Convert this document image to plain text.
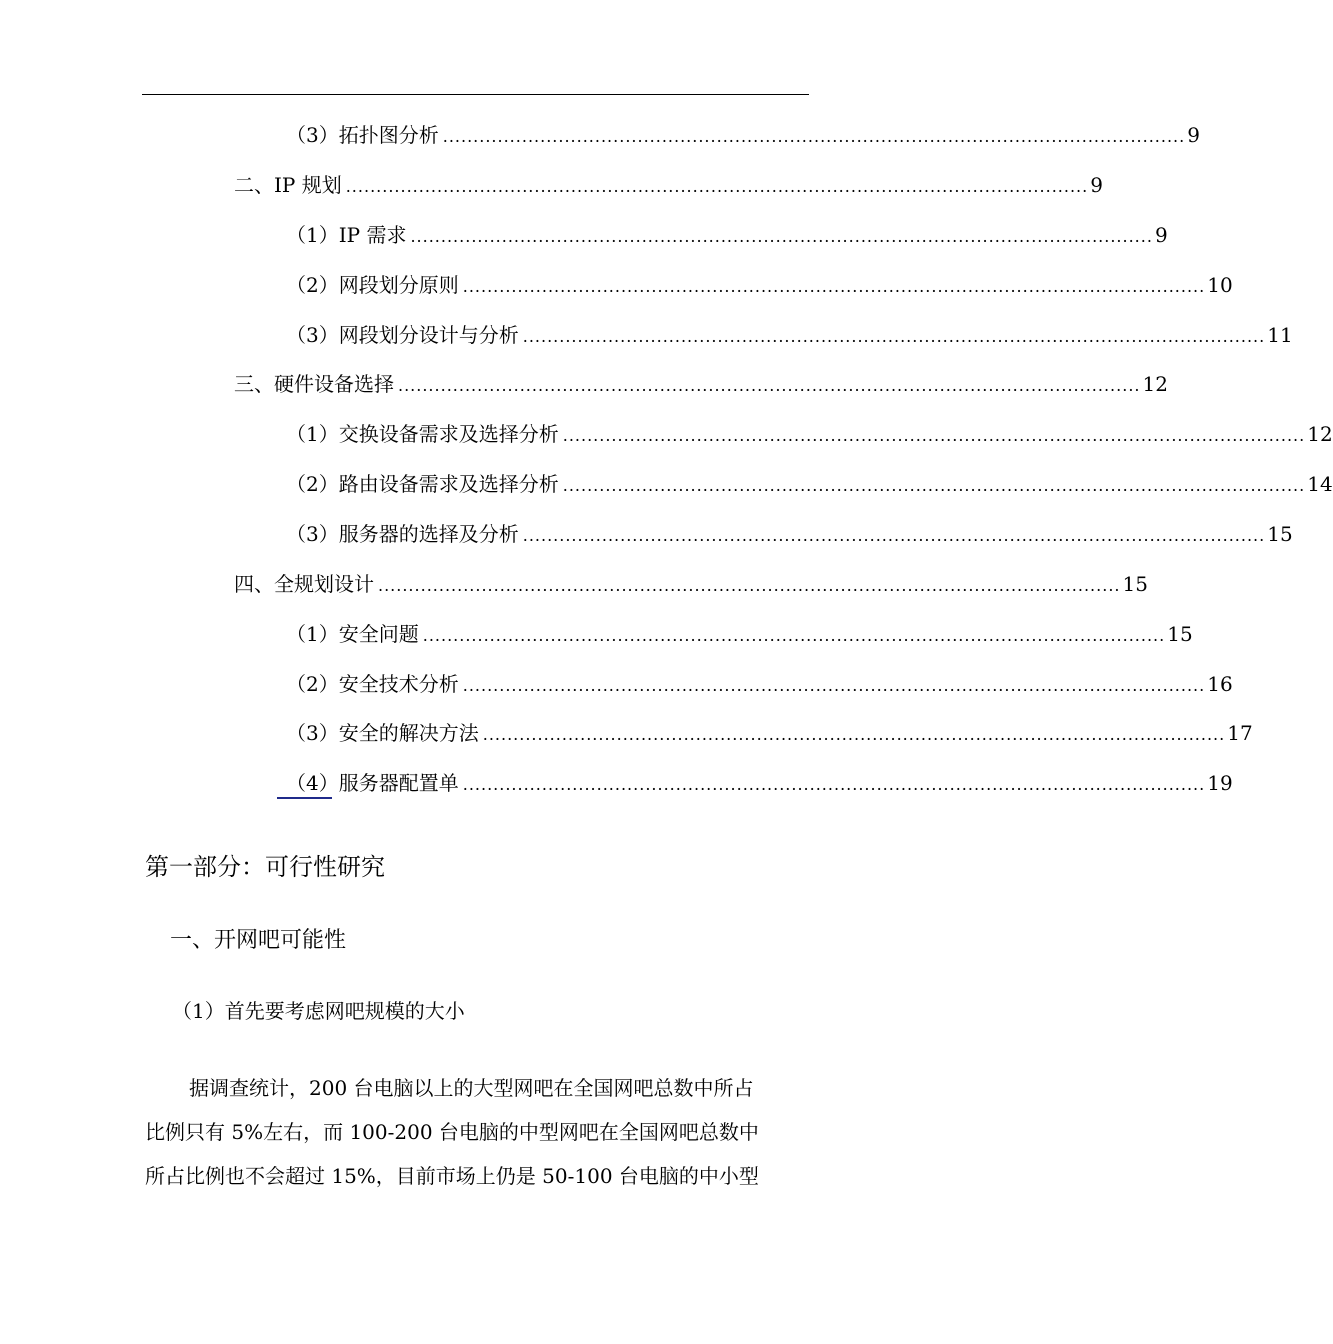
（3）拓扑图分析 .......................................................................................................................... 9
二、IP 规划 .......................................................................................................................... 9
（1）IP 需求 .......................................................................................................................... 9
（2）网段划分原则 .......................................................................................................................... 10
（3）网段划分设计与分析 .......................................................................................................................... 11
三、硬件设备选择 .......................................................................................................................... 12
（1）交换设备需求及选择分析 .......................................................................................................................... 12
（2）路由设备需求及选择分析 .......................................................................................................................... 14
（3）服务器的选择及分析 .......................................................................................................................... 15
四、全规划设计 .......................................................................................................................... 15
（1）安全问题 .......................................................................................................................... 15
（2）安全技术分析 .......................................................................................................................... 16
（3）安全的解决方法 .......................................................................................................................... 17
（4）服务器配置单 .......................................................................................................................... 19
第一部分：可行性研究
一、开网吧可能性
（1）首先要考虑网吧规模的大小
据调查统计，200 台电脑以上的大型网吧在全国网吧总数中所占
比例只有 5%左右，而 100-200 台电脑的中型网吧在全国网吧总数中
所占比例也不会超过 15%，目前市场上仍是 50-100 台电脑的中小型
